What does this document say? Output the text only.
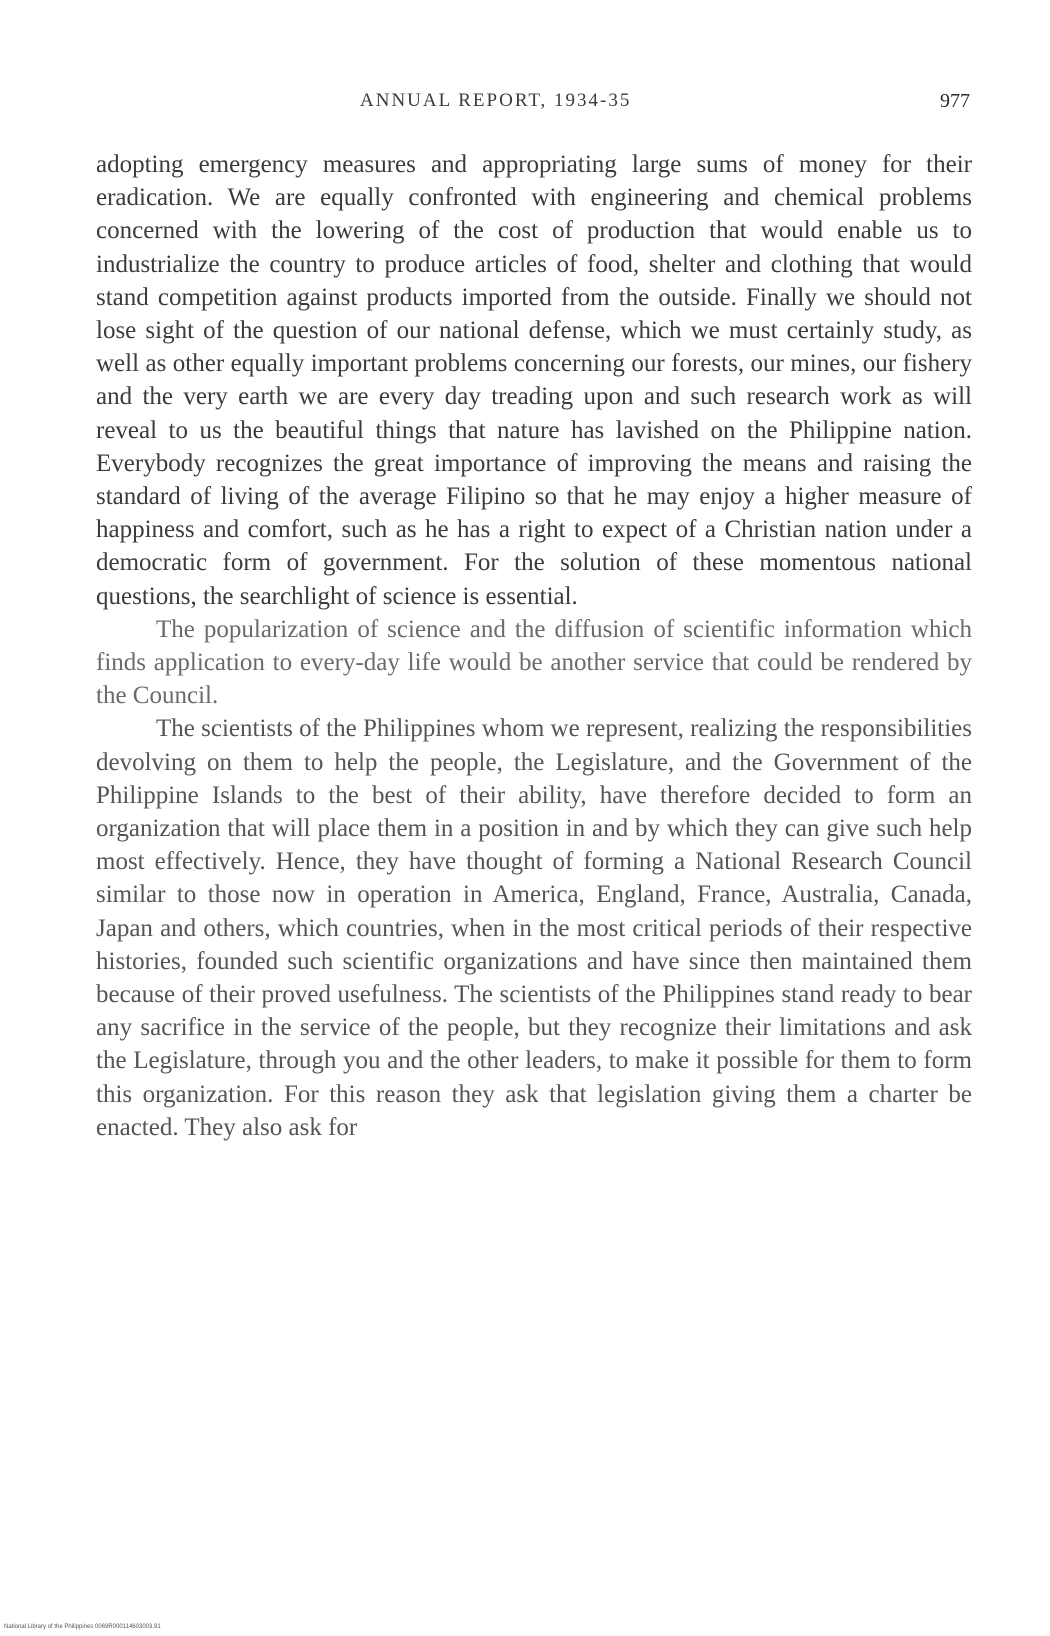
ANNUAL REPORT, 1934-35	977

adopting emergency measures and appropriating large sums of money for their eradication. We are equally confronted with engineering and chemical problems concerned with the lowering of the cost of production that would enable us to industrialize the country to produce articles of food, shelter and clothing that would stand competition against products imported from the outside. Finally we should not lose sight of the question of our national defense, which we must certainly study, as well as other equally important problems concerning our forests, our mines, our fishery and the very earth we are every day treading upon and such research work as will reveal to us the beautiful things that nature has lavished on the Philippine nation. Everybody recognizes the great importance of improving the means and raising the standard of living of the average Filipino so that he may enjoy a higher measure of happiness and comfort, such as he has a right to expect of a Christian nation under a democratic form of government. For the solution of these momentous national questions, the searchlight of science is essential.

The popularization of science and the diffusion of scientific information which finds application to every-day life would be another service that could be rendered by the Council.

The scientists of the Philippines whom we represent, realizing the responsibilities devolving on them to help the people, the Legislature, and the Government of the Philippine Islands to the best of their ability, have therefore decided to form an organization that will place them in a position in and by which they can give such help most effectively. Hence, they have thought of forming a National Research Council similar to those now in operation in America, England, France, Australia, Canada, Japan and others, which countries, when in the most critical periods of their respective histories, founded such scientific organizations and have since then maintained them because of their proved usefulness. The scientists of the Philippines stand ready to bear any sacrifice in the service of the people, but they recognize their limitations and ask the Legislature, through you and the other leaders, to make it possible for them to form this organization. For this reason they ask that legislation giving them a charter be enacted. They also ask for

National Library of the Philippines 0069R000114603003.91
